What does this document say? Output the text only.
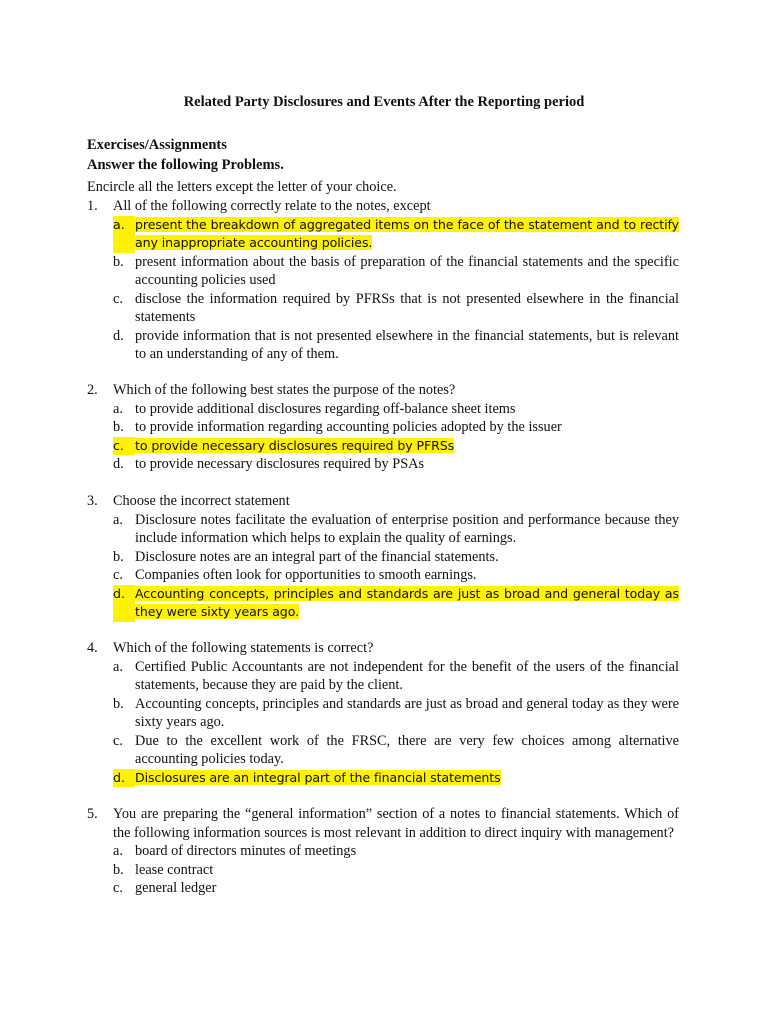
Related Party Disclosures and Events After the Reporting period
Exercises/Assignments
Answer the following Problems.
Encircle all the letters except the letter of your choice.
1.	All of the following correctly relate to the notes, except
a. present the breakdown of aggregated items on the face of the statement and to rectify any inappropriate accounting policies.
b. present information about the basis of preparation of the financial statements and the specific accounting policies used
c. disclose the information required by PFRSs that is not presented elsewhere in the financial statements
d. provide information that is not presented elsewhere in the financial statements, but is relevant to an understanding of any of them.
2.	Which of the following best states the purpose of the notes?
a. to provide additional disclosures regarding off-balance sheet items
b. to provide information regarding accounting policies adopted by the issuer
c. to provide necessary disclosures required by PFRSs
d. to provide necessary disclosures required by PSAs
3.	Choose the incorrect statement
a. Disclosure notes facilitate the evaluation of enterprise position and performance because they include information which helps to explain the quality of earnings.
b. Disclosure notes are an integral part of the financial statements.
c. Companies often look for opportunities to smooth earnings.
d. Accounting concepts, principles and standards are just as broad and general today as they were sixty years ago.
4.	Which of the following statements is correct?
a. Certified Public Accountants are not independent for the benefit of the users of the financial statements, because they are paid by the client.
b. Accounting concepts, principles and standards are just as broad and general today as they were sixty years ago.
c. Due to the excellent work of the FRSC, there are very few choices among alternative accounting policies today.
d. Disclosures are an integral part of the financial statements
5.	You are preparing the “general information” section of a notes to financial statements. Which of the following information sources is most relevant in addition to direct inquiry with management?
a. board of directors minutes of meetings
b. lease contract
c. general ledger
